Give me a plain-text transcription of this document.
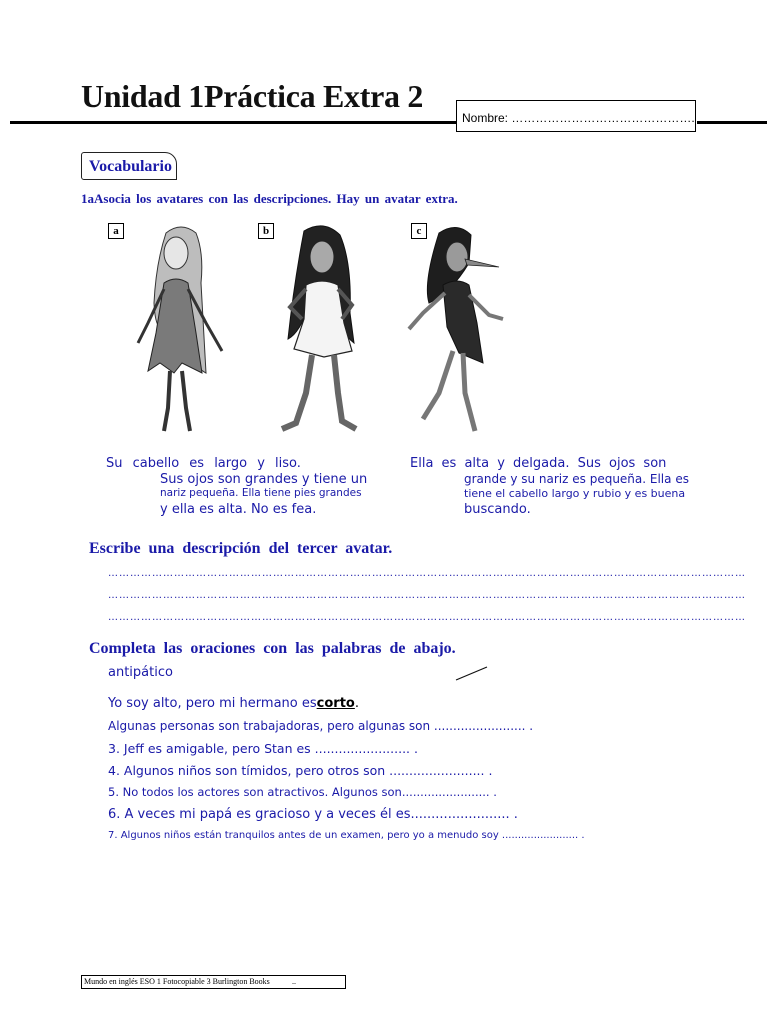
Unidad 1Práctica Extra 2
Nombre: ……………………………………….
Vocabulario
1aAsocia los avatares con las descripciones. Hay un avatar extra.
a	b	c
Su cabello es largo y liso.
Sus ojos son grandes y tiene un
nariz pequeña. Ella tiene pies grandes
y ella es alta. No es fea.
Ella es alta y delgada. Sus ojos son
grande y su nariz es pequeña. Ella es
tiene el cabello largo y rubio y es buena
buscando.
Escribe una descripción del tercer avatar.
…………………………………………………………………………………………………………………………………………………………
…………………………………………………………………………………………………………………………………………………………
…………………………………………………………………………………………………………………………………………………………
Completa las oraciones con las palabras de abajo.
antipático
Yo soy alto, pero mi hermano escorto.
Algunas personas son trabajadoras, pero algunas son ........................ .
3. Jeff es amigable, pero Stan es ........................ .
4. Algunos niños son tímidos, pero otros son ........................ .
5. No todos los actores son atractivos. Algunos son........................ .
6. A veces mi papá es gracioso y a veces él es........................ .
7. Algunos niños están tranquilos antes de un examen, pero yo a menudo soy ........................ .
Mundo en inglés ESO 1 Fotocopiable 3 Burlington Books	..
